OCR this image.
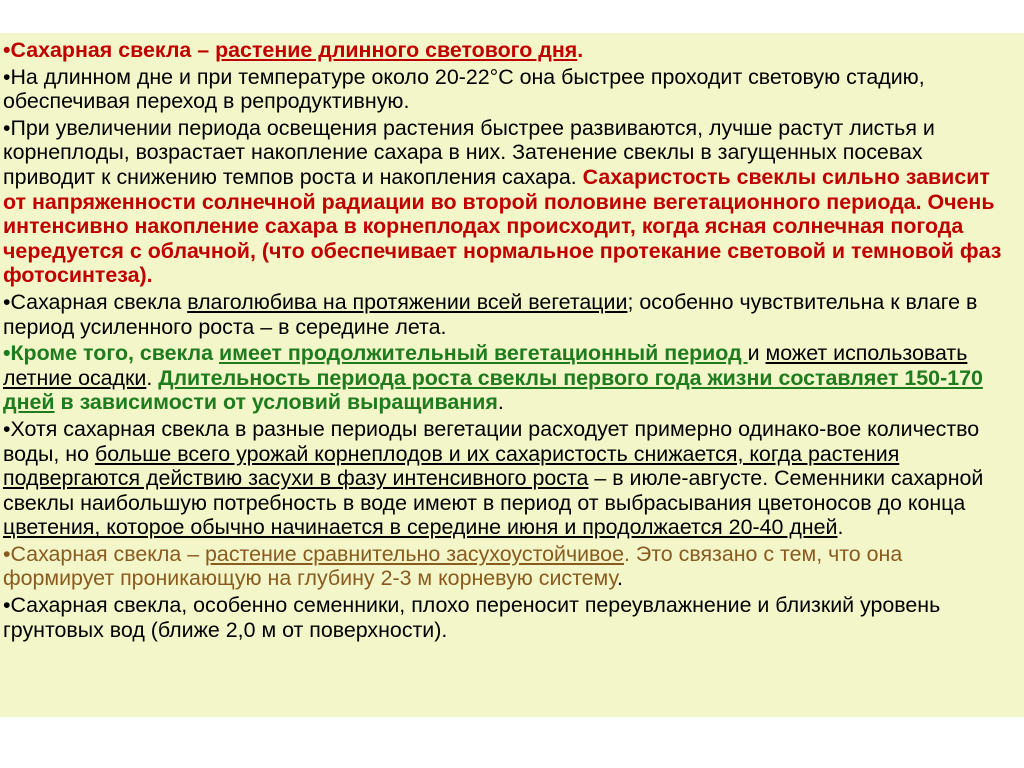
•Сахарная свекла – растение длинного светового дня.

•На длинном дне и при температуре около 20-22°С она быстрее проходит световую стадию, обеспечивая переход в репродуктивную.

•При увеличении периода освещения растения быстрее развиваются, лучше растут листья и корнеплоды, возрастает накопление сахара в них. Затенение свеклы в загущенных посевах приводит к снижению темпов роста и накопления сахара. Сахаристость свеклы сильно зависит от напряженности солнечной радиации во второй половине вегетационного периода. Очень интенсивно накопление сахара в корнеплодах происходит, когда ясная солнечная погода чередуется с облачной, (что обеспечивает нормальное протекание световой и темновой фаз фотосинтеза).

•Сахарная свекла влаголюбива на протяжении всей вегетации; особенно чувствительна к влаге в период усиленного роста – в середине лета.

•Кроме того, свекла имеет продолжительный вегетационный период и может использовать летние осадки. Длительность периода роста свеклы первого года жизни составляет 150-170 дней в зависимости от условий выращивания.

•Хотя сахарная свекла в разные периоды вегетации расходует примерно одинако-вое количество воды, но больше всего урожай корнеплодов и их сахаристость снижается, когда растения подвергаются действию засухи в фазу интенсивного роста – в июле-августе. Семенники сахарной свеклы наибольшую потребность в воде имеют в период от выбрасывания цветоносов до конца цветения, которое обычно начинается в середине июня и продолжается 20-40 дней.

•Сахарная свекла – растение сравнительно засухоустойчивое. Это связано с тем, что она формирует проникающую на глубину 2-3 м корневую систему.

•Сахарная свекла, особенно семенники, плохо переносит переувлажнение и близкий уровень грунтовых вод (ближе 2,0 м от поверхности).
